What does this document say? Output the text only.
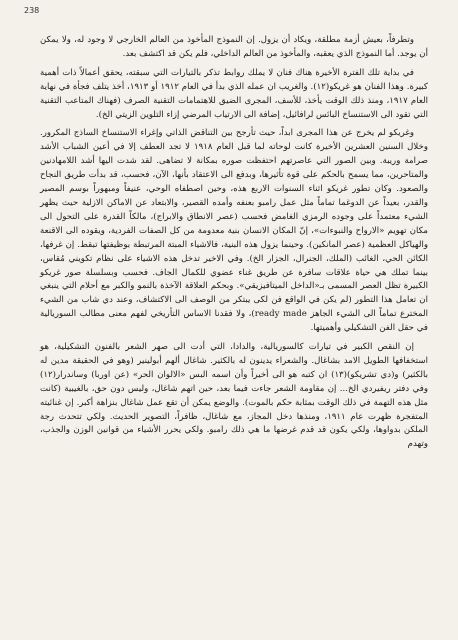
238

وتطرفاً، بعيش أزمة مطلقة، ويكاد أن يزول. إن النموذج المأخوذ من العالم الخارجي لا وجود له، ولا يمكن أن يوجد. أما النموذج الذي يعقبه، والمأخوذ من العالم الداخلي، فلم يكن قد اكتشف بعد.

في بداية تلك الفترة الأخيرة هناك فنان لا يملك روابط تذكر بالتيارات التي سبقته، يحقق أعمالاً ذات أهمية كبيرة. وهذا الفنان هو غريكو(١٢). والغريب ان عمله الذي بدأ في العام ١٩١٢ أو ١٩١٣، أخذ يتلف فجأة في نهاية العام ١٩١٧، ومنذ ذلك الوقت يأخذ، للأسف، المجرى الضيق للاهتمامات التقنية الصرف (فهناك المتاعب التقنية التي تقود الى الاستنساخ البائس لرافائيل، إضافة الى الارتياب المرضي إزاء التلوين الزيتي الخ).

وغريكو لم يخرج عن هذا المجرى ابداً، حيث تأرجح بين التناقض الذاتي وإغراء الاستنساخ الساذج المكرور. وخلال السنين العشرين الأخيرة كانت لوحاته لما قبل العام ١٩١٨ لا تجد العطف إلا في أعين الشباب الأشد صرامة وريبة. وبين الصور التي عاصرتهم احتفظت صوره بمكانة لا تضاهى. لقد شدت اليها أشد اللامهادنين والمتاحرين، مما يسمح بالحكم على قوة تأثيرها، وبدفع الى الاعتقاد بأنها، الآن، فحسب، قد بدأت طريق النجاح والصعود. وكان تطور غريكو اثناء السنوات الاربع هذه، وحين اصطفاه الوحي، عنيفاً ومبهوراً بوسم المصير والقدر، بعيداً عن الدوغما تماماً مثل عمل رامبو بعنفه وأمده القصير، والابتعاد عن الاماكن الازلية حيث يظهر الشيء معتمداً على وجوده الرمزي الغامض فحسب (عصر الانطاق والابراج)، مالكاً القدرة على التحول الى مكان تهويم «الارواح والنبوءات»، إنّ المكان الانسان بنية معدومة من كل الصفات الفردية، ويقوده الى الاقنعة والهياكل العظمية (عصر المانكين). وحينما يزول هذه البنية، فالاشياء المبتة المرتبطة بوظيفتها تبقط. إن غرفها، الكائن الحي، الغائب (الملك، الجنرال، الجزار الخ). وفي الاخير تدخل هذه الاشياء على نظام تكويني مُقاس، بينما تملك هي حياة علاقات سافرة عن طريق غناء عضوي للكمال الجاف. فحسب وبسلسلة صور غريكو الكبيرة تظل العصر المسمى بـ«الداخل الميتافيزيقي». وبحكم العلاقة الآخذة بالنمو والكبر مع أحلام التي ينبغي ان تعامل هذا التطور (لم يكن في الواقع فن لكى يبتكر من الوصف الى الاكتشاف، وعند دي شاب من الشيء المخترع تماماً الى الشيء الجاهز ready made)، ولا فقدنا الاساس التأريخي لفهم معنى مطالب السوريالية في حقل الفن التشكيلي وأهميتها.

إن النقص الكبير في تيارات كالسوريالية، والدادا، التي أدت الى صهر الشعر بالفنون التشكيلية، هو استخفافها الطويل الامد بشاغال. والشعراء يدينون له بالكثير. شاغال ألهم أبولينير (وهو في الحقيقة مدين له بالكثير) و(دي تشريكو)(١٣) ان كتبه هو الى أخيراً وأن اسمه البس «الالوان الحر» (عن اوربا) وساندرار(١٢) وفي دفتر ريفيردي الخ... إن مقاومة الشعر جاءت فيما بعد، حين اتهم شاغال، وليس دون حق، بالغيبية (كانت مثل هذه التهمة في ذلك الوقت بمثابة حكم بالموت). والوضع يمكن أن تقع عمل شاغال بنزاهة أكبر. إن غنائيته المتفجرة ظهرت عام ١٩١١، ومنذها دخل المجاز، مع شاغال، ظافراً، التصوير الحديث. ولكي تتحدث رجة الملكن بدواوها، ولكي يكون قد قدم غرضها ما هي ذلك رامبو. ولكي يحرر الأشياء من قوانين الوزن والجذب، وتهدم
